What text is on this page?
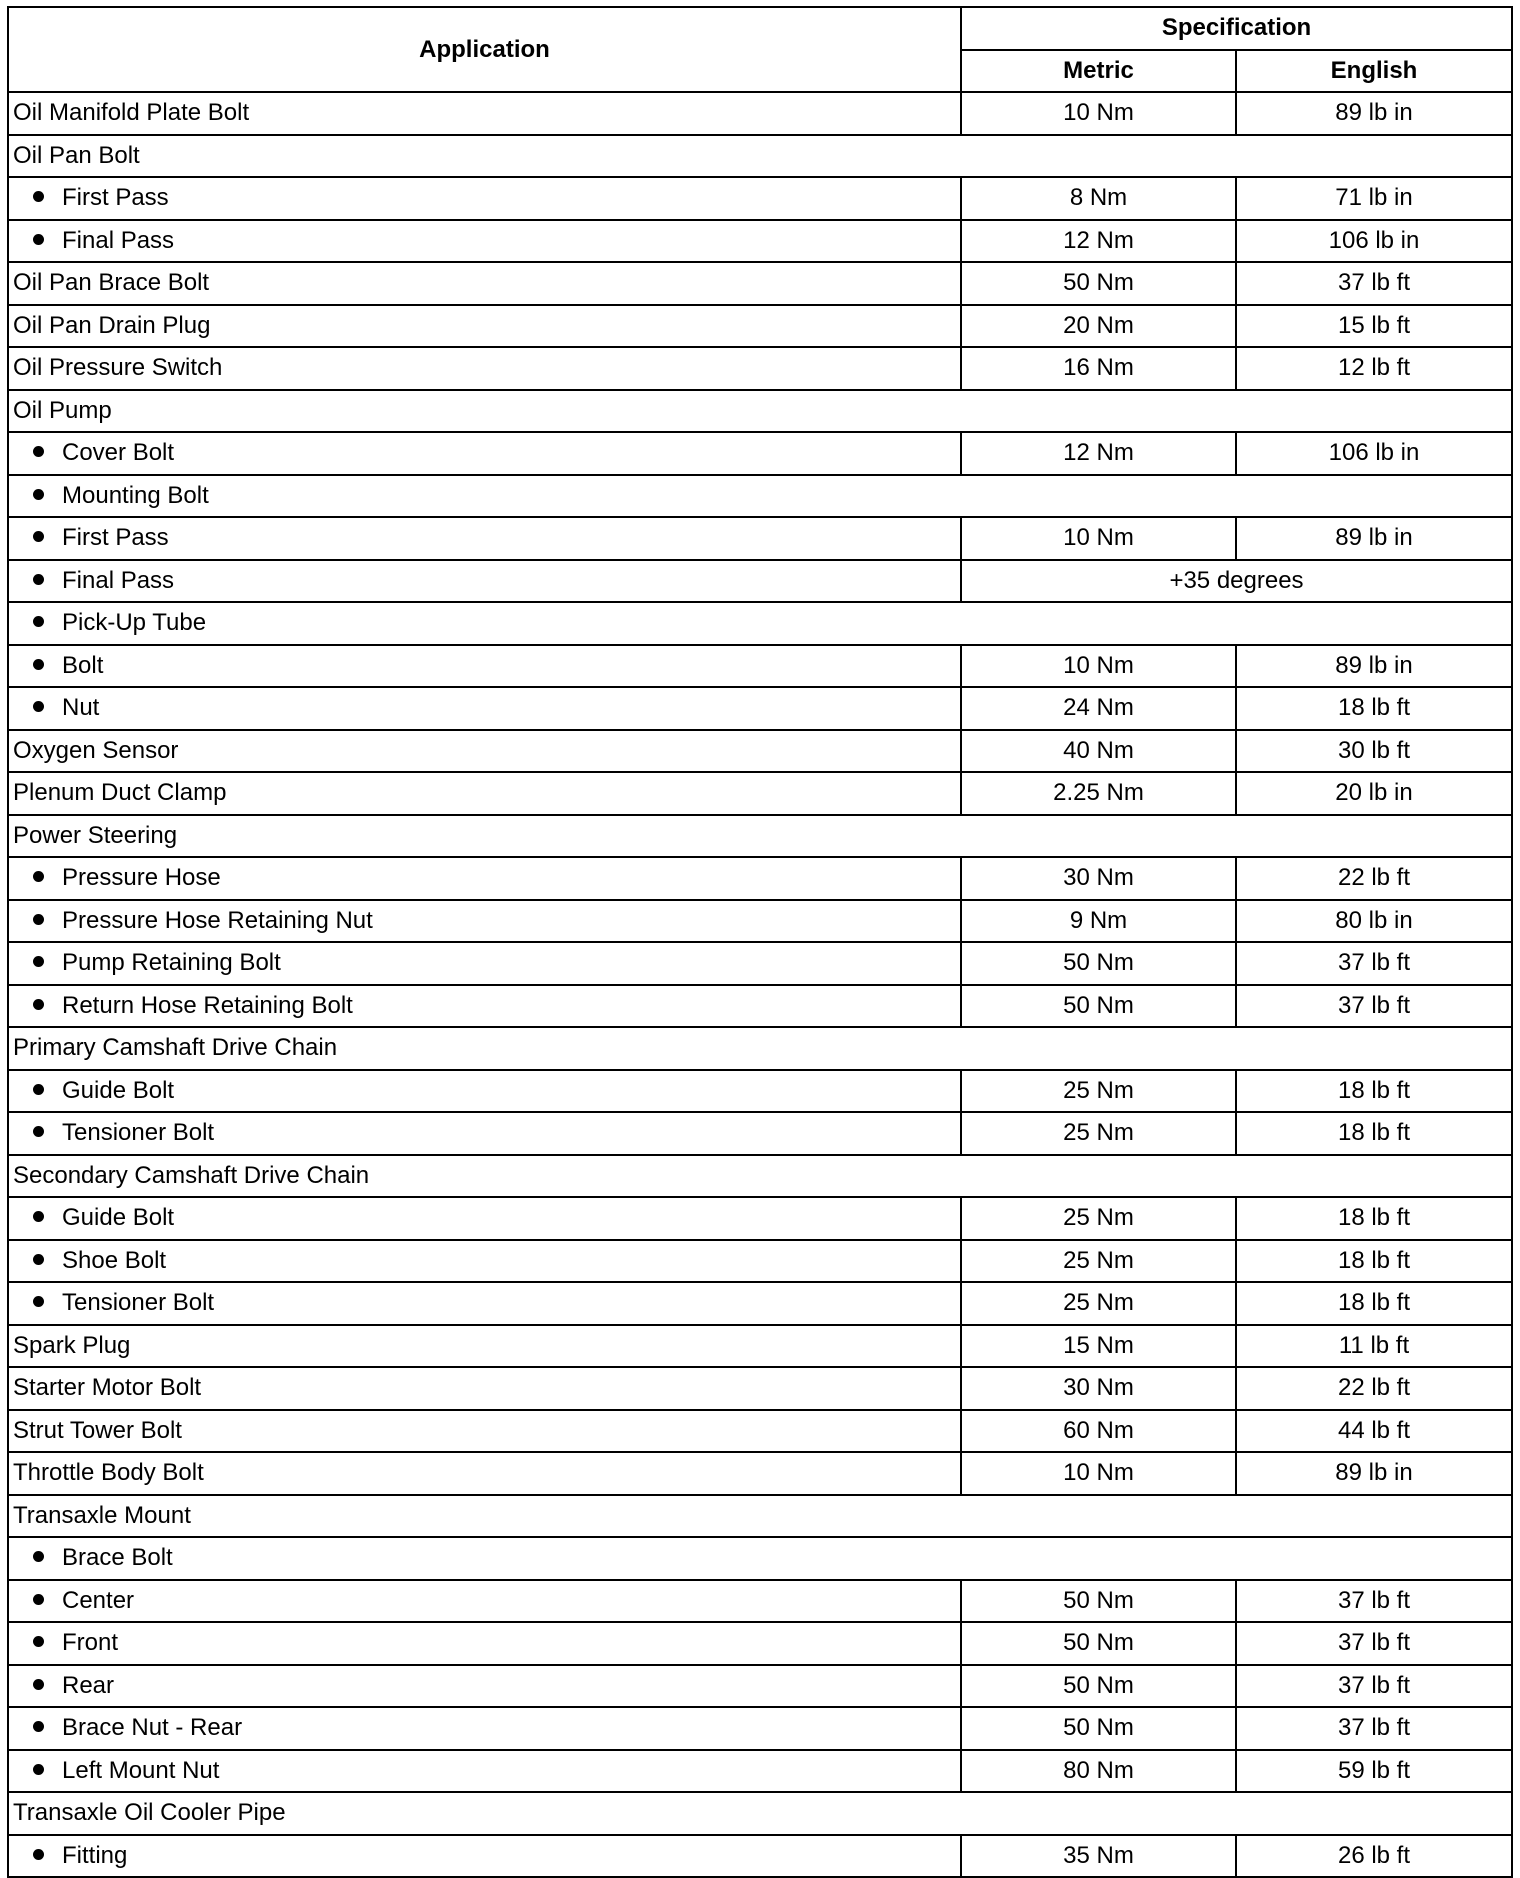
Application	Specification	
	Metric	English
Oil Manifold Plate Bolt	10 Nm	89 lb in
Oil Pan Bolt		
First Pass	8 Nm	71 lb in
Final Pass	12 Nm	106 lb in
Oil Pan Brace Bolt	50 Nm	37 lb ft
Oil Pan Drain Plug	20 Nm	15 lb ft
Oil Pressure Switch	16 Nm	12 lb ft
Oil Pump		
Cover Bolt	12 Nm	106 lb in
Mounting Bolt		
First Pass	10 Nm	89 lb in
Final Pass	+35 degrees	
Pick-Up Tube		
Bolt	10 Nm	89 lb in
Nut	24 Nm	18 lb ft
Oxygen Sensor	40 Nm	30 lb ft
Plenum Duct Clamp	2.25 Nm	20 lb in
Power Steering		
Pressure Hose	30 Nm	22 lb ft
Pressure Hose Retaining Nut	9 Nm	80 lb in
Pump Retaining Bolt	50 Nm	37 lb ft
Return Hose Retaining Bolt	50 Nm	37 lb ft
Primary Camshaft Drive Chain		
Guide Bolt	25 Nm	18 lb ft
Tensioner Bolt	25 Nm	18 lb ft
Secondary Camshaft Drive Chain		
Guide Bolt	25 Nm	18 lb ft
Shoe Bolt	25 Nm	18 lb ft
Tensioner Bolt	25 Nm	18 lb ft
Spark Plug	15 Nm	11 lb ft
Starter Motor Bolt	30 Nm	22 lb ft
Strut Tower Bolt	60 Nm	44 lb ft
Throttle Body Bolt	10 Nm	89 lb in
Transaxle Mount		
Brace Bolt		
Center	50 Nm	37 lb ft
Front	50 Nm	37 lb ft
Rear	50 Nm	37 lb ft
Brace Nut - Rear	50 Nm	37 lb ft
Left Mount Nut	80 Nm	59 lb ft
Transaxle Oil Cooler Pipe		
Fitting	35 Nm	26 lb ft
